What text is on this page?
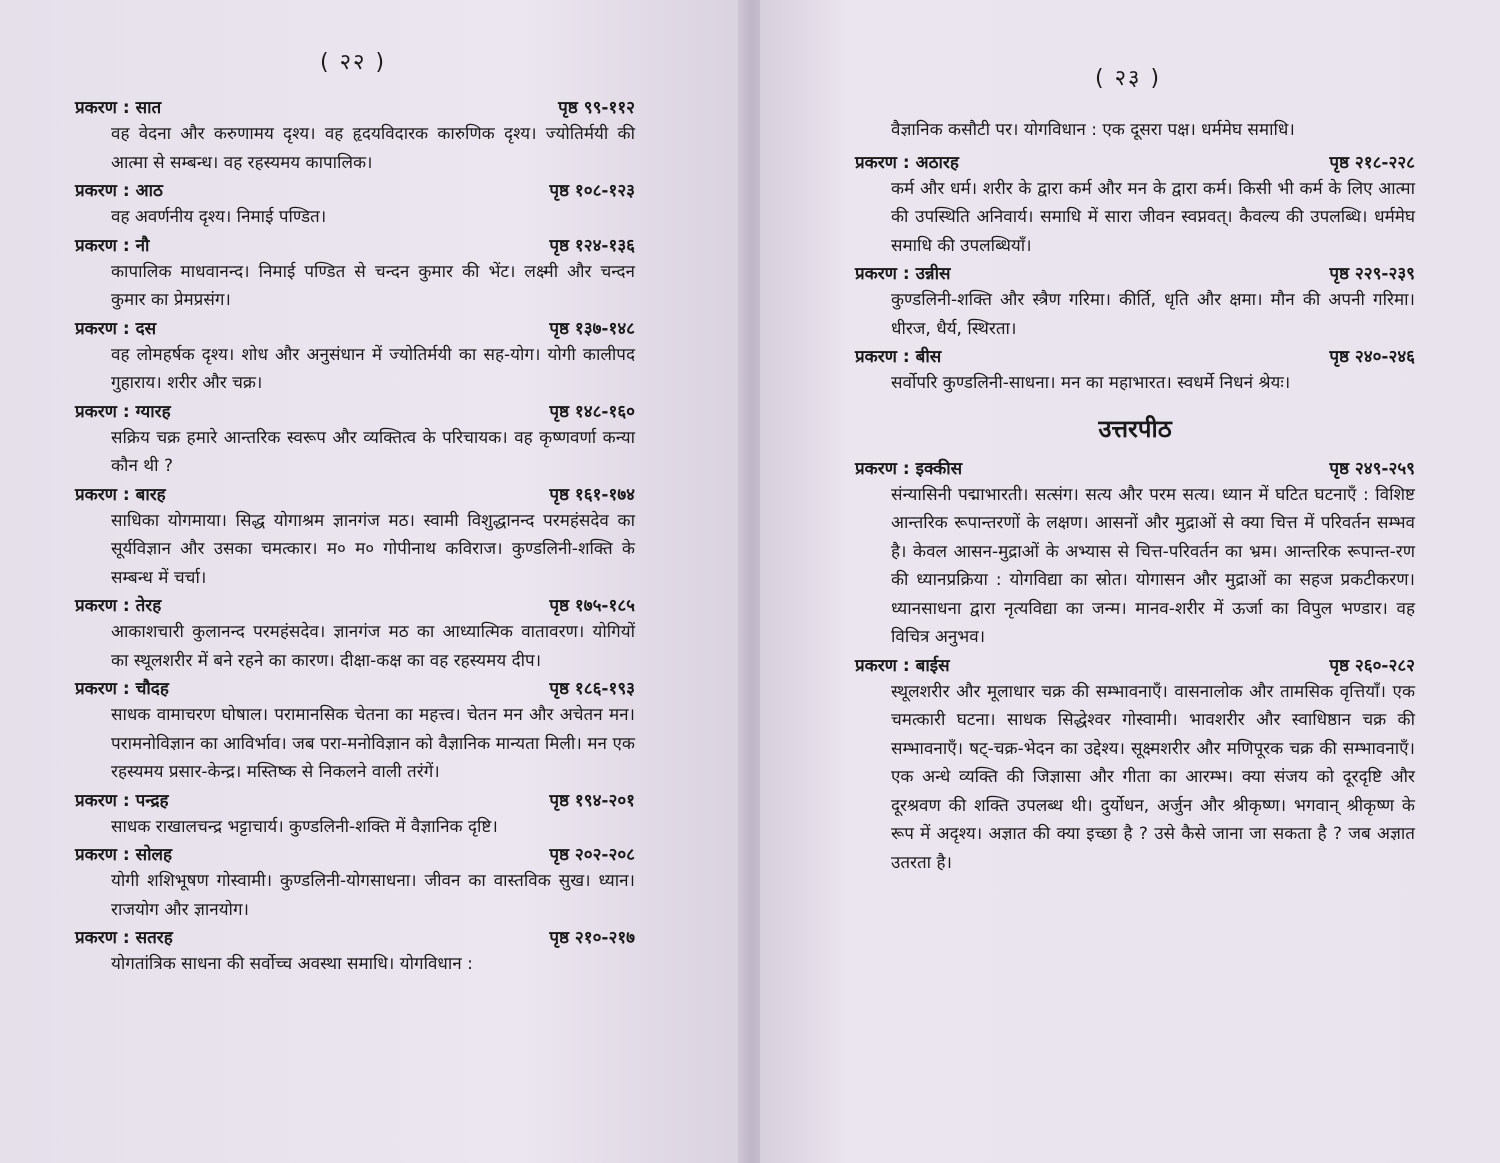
( २२ )
प्रकरण : सात	पृष्ठ ९९-११२
वह वेदना और करुणामय दृश्य। वह हृदयविदारक कारुणिक दृश्य। ज्योतिर्मयी की आत्मा से सम्बन्ध। वह रहस्यमय कापालिक।
प्रकरण : आठ	पृष्ठ १०८-१२३
वह अवर्णनीय दृश्य। निमाई पण्डित।
प्रकरण : नौ	पृष्ठ १२४-१३६
कापालिक माधवानन्द। निमाई पण्डित से चन्दन कुमार की भेंट। लक्ष्मी और चन्दन कुमार का प्रेमप्रसंग।
प्रकरण : दस	पृष्ठ १३७-१४८
वह लोमहर्षक दृश्य। शोध और अनुसंधान में ज्योतिर्मयी का सह-योग। योगी कालीपद गुहाराय। शरीर और चक्र।
प्रकरण : ग्यारह	पृष्ठ १४८-१६०
सक्रिय चक्र हमारे आन्तरिक स्वरूप और व्यक्तित्व के परिचायक। वह कृष्णवर्णा कन्या कौन थी ?
प्रकरण : बारह	पृष्ठ १६१-१७४
साधिका योगमाया। सिद्ध योगाश्रम ज्ञानगंज मठ। स्वामी विशुद्धानन्द परमहंसदेव का सूर्यविज्ञान और उसका चमत्कार। म० म० गोपीनाथ कविराज। कुण्डलिनी-शक्ति के सम्बन्ध में चर्चा।
प्रकरण : तेरह	पृष्ठ १७५-१८५
आकाशचारी कुलानन्द परमहंसदेव। ज्ञानगंज मठ का आध्यात्मिक वातावरण। योगियों का स्थूलशरीर में बने रहने का कारण। दीक्षा-कक्ष का वह रहस्यमय दीप।
प्रकरण : चौदह	पृष्ठ १८६-१९३
साधक वामाचरण घोषाल। परामानसिक चेतना का महत्त्व। चेतन मन और अचेतन मन। परामनोविज्ञान का आविर्भाव। जब परा-मनोविज्ञान को वैज्ञानिक मान्यता मिली। मन एक रहस्यमय प्रसार-केन्द्र। मस्तिष्क से निकलने वाली तरंगें।
प्रकरण : पन्द्रह	पृष्ठ १९४-२०१
साधक राखालचन्द्र भट्टाचार्य। कुण्डलिनी-शक्ति में वैज्ञानिक दृष्टि।
प्रकरण : सोलह	पृष्ठ २०२-२०८
योगी शशिभूषण गोस्वामी। कुण्डलिनी-योगसाधना। जीवन का वास्तविक सुख। ध्यान। राजयोग और ज्ञानयोग।
प्रकरण : सतरह	पृष्ठ २१०-२१७
योगतांत्रिक साधना की सर्वोच्च अवस्था समाधि। योगविधान :
( २३ )
वैज्ञानिक कसौटी पर। योगविधान : एक दूसरा पक्ष। धर्ममेघ समाधि।
प्रकरण : अठारह	पृष्ठ २१८-२२८
कर्म और धर्म। शरीर के द्वारा कर्म और मन के द्वारा कर्म। किसी भी कर्म के लिए आत्मा की उपस्थिति अनिवार्य। समाधि में सारा जीवन स्वप्नवत्। कैवल्य की उपलब्धि। धर्ममेघ समाधि की उपलब्धियाँ।
प्रकरण : उन्नीस	पृष्ठ २२९-२३९
कुण्डलिनी-शक्ति और स्त्रैण गरिमा। कीर्ति, धृति और क्षमा। मौन की अपनी गरिमा। धीरज, धैर्य, स्थिरता।
प्रकरण : बीस	पृष्ठ २४०-२४६
सर्वोपरि कुण्डलिनी-साधना। मन का महाभारत। स्वधर्मे निधनं श्रेयः।
उत्तरपीठ
प्रकरण : इक्कीस	पृष्ठ २४९-२५९
संन्यासिनी पद्माभारती। सत्संग। सत्य और परम सत्य। ध्यान में घटित घटनाएँ : विशिष्ट आन्तरिक रूपान्तरणों के लक्षण। आसनों और मुद्राओं से क्या चित्त में परिवर्तन सम्भव है। केवल आसन-मुद्राओं के अभ्यास से चित्त-परिवर्तन का भ्रम। आन्तरिक रूपान्त-रण की ध्यानप्रक्रिया : योगविद्या का स्रोत। योगासन और मुद्राओं का सहज प्रकटीकरण। ध्यानसाधना द्वारा नृत्यविद्या का जन्म। मानव-शरीर में ऊर्जा का विपुल भण्डार। वह विचित्र अनुभव।
प्रकरण : बाईस	पृष्ठ २६०-२८२
स्थूलशरीर और मूलाधार चक्र की सम्भावनाएँ। वासनालोक और तामसिक वृत्तियाँ। एक चमत्कारी घटना। साधक सिद्धेश्वर गोस्वामी। भावशरीर और स्वाधिष्ठान चक्र की सम्भावनाएँ। षट्-चक्र-भेदन का उद्देश्य। सूक्ष्मशरीर और मणिपूरक चक्र की सम्भावनाएँ। एक अन्धे व्यक्ति की जिज्ञासा और गीता का आरम्भ। क्या संजय को दूरदृष्टि और दूरश्रवण की शक्ति उपलब्ध थी। दुर्योधन, अर्जुन और श्रीकृष्ण। भगवान् श्रीकृष्ण के रूप में अदृश्य। अज्ञात की क्या इच्छा है ? उसे कैसे जाना जा सकता है ? जब अज्ञात उतरता है।
